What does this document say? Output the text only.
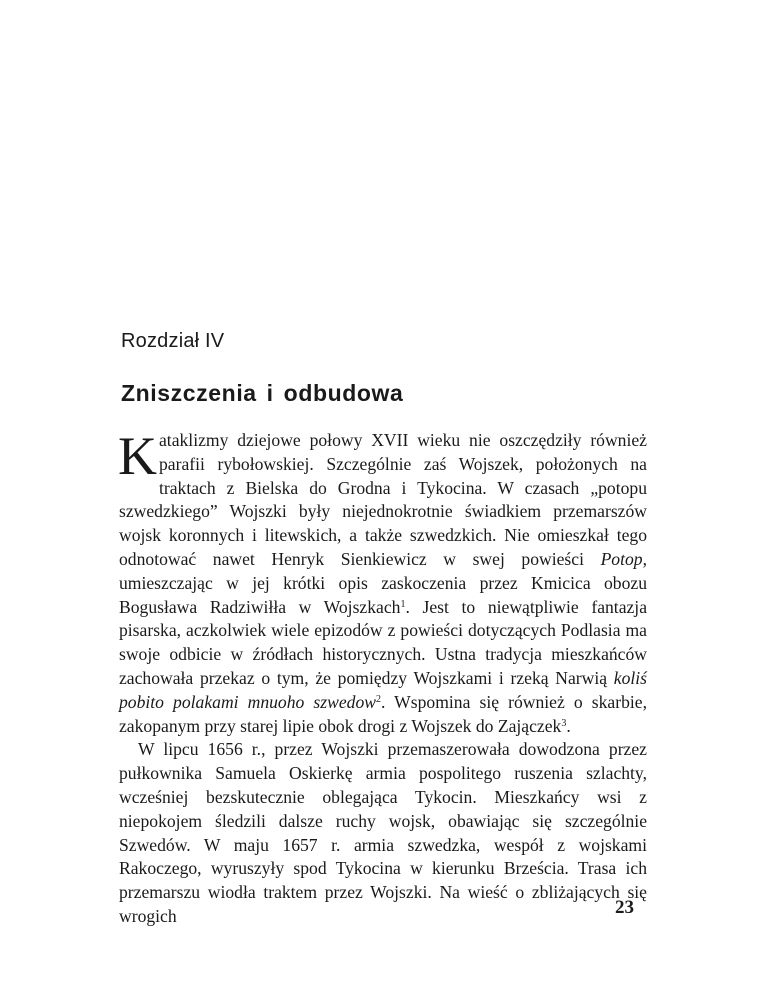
Rozdział IV
Zniszczenia i odbudowa

Kataklizmy dziejowe połowy XVII wieku nie oszczędziły również parafii rybołowskiej. Szczególnie zaś Wojszek, położonych na traktach z Bielska do Grodna i Tykocina. W czasach „potopu szwedzkiego” Wojszki były niejednokrotnie świadkiem przemarszów wojsk koronnych i litewskich, a także szwedzkich. Nie omieszkał tego odnotować nawet Henryk Sienkiewicz w swej powieści Potop, umieszczając w jej krótki opis zaskoczenia przez Kmicica obozu Bogusława Radziwiłła w Wojszkach$^1$. Jest to niewątpliwie fantazja pisarska, aczkolwiek wiele epizodów z powieści dotyczących Podlasia ma swoje odbicie w źródłach historycznych. Ustna tradycja mieszkańców zachowała przekaz o tym, że pomiędzy Wojszkami i rzeką Narwią koliś pobito polakami mnuoho szwedow$^2$. Wspomina się również o skarbie, zakopanym przy starej lipie obok drogi z Wojszek do Zajączek$^3$.

W lipcu 1656 r., przez Wojszki przemaszerowała dowodzona przez pułkownika Samuela Oskierkę armia pospolitego ruszenia szlachty, wcześniej bezskutecznie oblegająca Tykocin. Mieszkańcy wsi z niepokojem śledzili dalsze ruchy wojsk, obawiając się szczególnie Szwedów. W maju 1657 r. armia szwedzka, wespół z wojskami Rakoczego, wyruszyły spod Tykocina w kierunku Brześcia. Trasa ich przemarszu wiodła traktem przez Wojszki. Na wieść o zbliżających się wrogich	23
